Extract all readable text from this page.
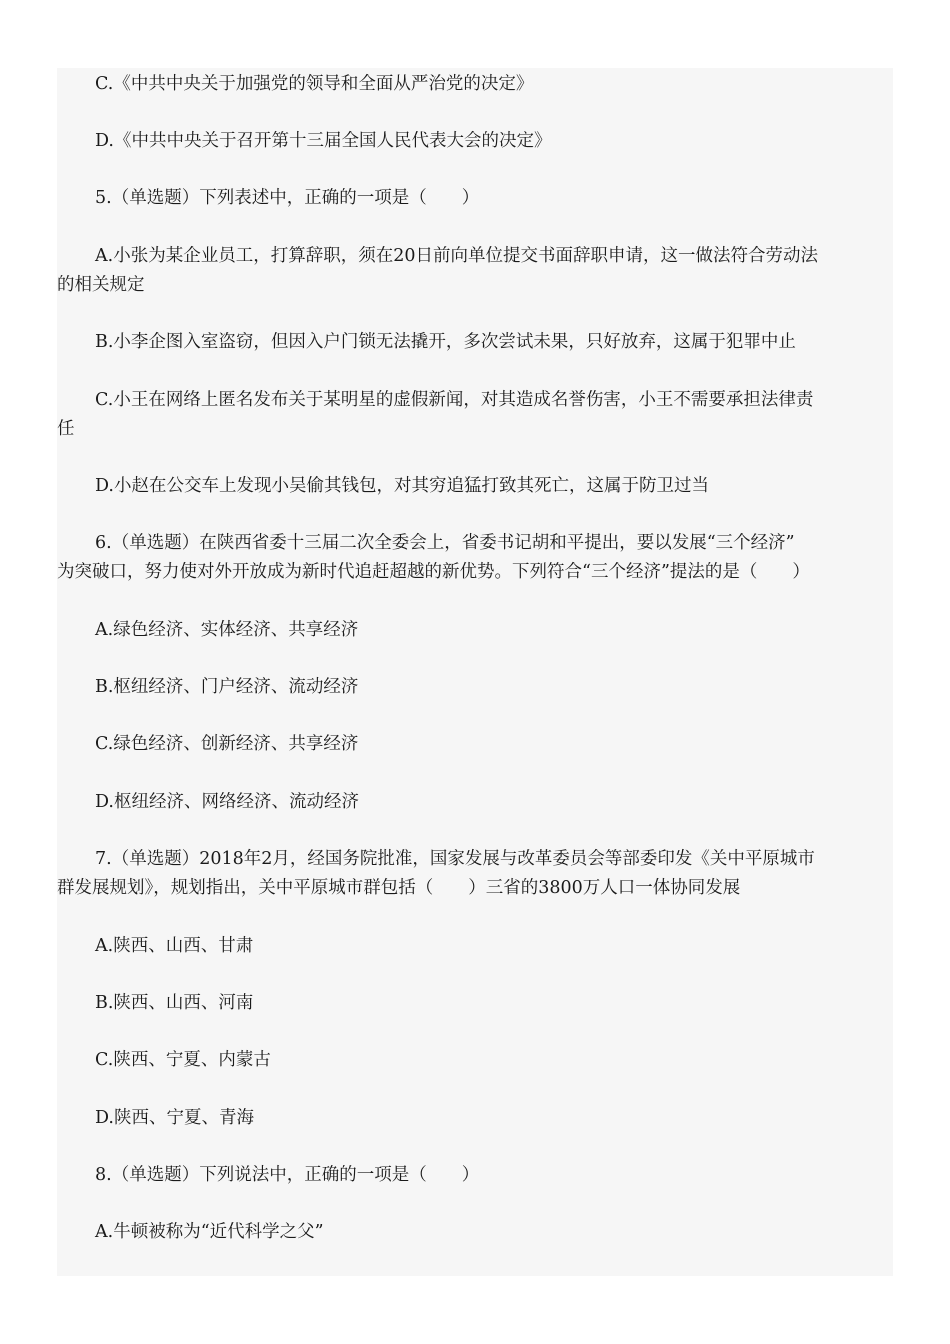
C.《中共中央关于加强党的领导和全面从严治党的决定》
D.《中共中央关于召开第十三届全国人民代表大会的决定》
5.（单选题）下列表述中，正确的一项是（　　）
A.小张为某企业员工，打算辞职，须在20日前向单位提交书面辞职申请，这一做法符合劳动法
的相关规定
B.小李企图入室盗窃，但因入户门锁无法撬开，多次尝试未果，只好放弃，这属于犯罪中止
C.小王在网络上匿名发布关于某明星的虚假新闻，对其造成名誉伤害，小王不需要承担法律责
任
D.小赵在公交车上发现小吴偷其钱包，对其穷追猛打致其死亡，这属于防卫过当
6.（单选题）在陕西省委十三届二次全委会上，省委书记胡和平提出，要以发展“三个经济”
为突破口，努力使对外开放成为新时代追赶超越的新优势。下列符合“三个经济”提法的是（　　）
A.绿色经济、实体经济、共享经济
B.枢纽经济、门户经济、流动经济
C.绿色经济、创新经济、共享经济
D.枢纽经济、网络经济、流动经济
7.（单选题）2018年2月，经国务院批准，国家发展与改革委员会等部委印发《关中平原城市
群发展规划》，规划指出，关中平原城市群包括（　　）三省的3800万人口一体协同发展
A.陕西、山西、甘肃
B.陕西、山西、河南
C.陕西、宁夏、内蒙古
D.陕西、宁夏、青海
8.（单选题）下列说法中，正确的一项是（　　）
A.牛顿被称为“近代科学之父”
